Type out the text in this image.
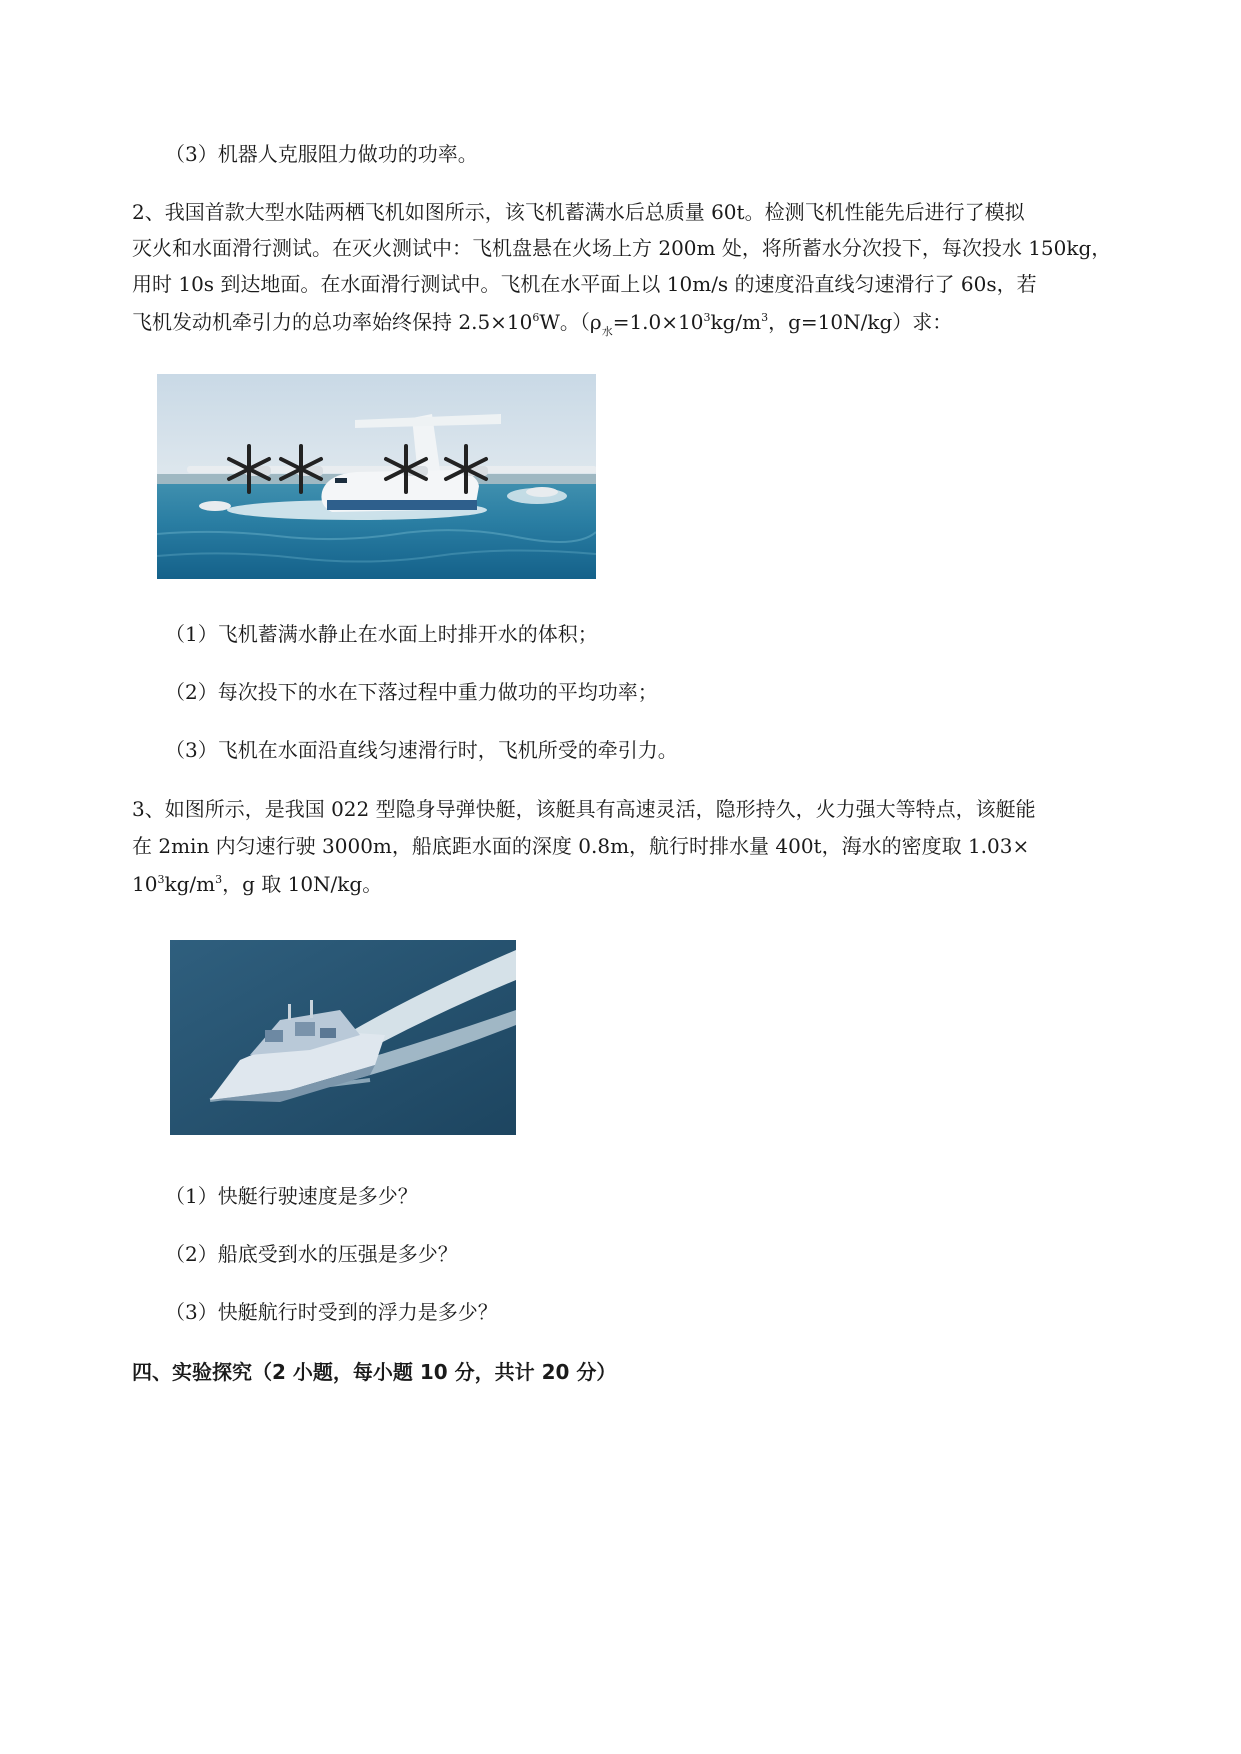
（3）机器人克服阻力做功的功率。
2、我国首款大型水陆两栖飞机如图所示，该飞机蓄满水后总质量 60t。检测飞机性能先后进行了模拟
灭火和水面滑行测试。在灭火测试中：飞机盘悬在火场上方 200m 处，将所蓄水分次投下，每次投水 150kg，
用时 10s 到达地面。在水面滑行测试中。飞机在水平面上以 10m/s 的速度沿直线匀速滑行了 60s，若
飞机发动机牵引力的总功率始终保持 $2.5\times 10^6W$。（$\rho_水=1.0\times 10^3kg/m^3$，g=10N/kg）求：
（1）飞机蓄满水静止在水面上时排开水的体积；
（2）每次投下的水在下落过程中重力做功的平均功率；
（3）飞机在水面沿直线匀速滑行时，飞机所受的牵引力。
3、如图所示，是我国 022 型隐身导弹快艇，该艇具有高速灵活，隐形持久，火力强大等特点，该艇能
在 2min 内匀速行驶 3000m，船底距水面的深度 0.8m，航行时排水量 400t，海水的密度取 1.03×
$10^3kg/m^3$，g 取 10N/kg。
（1）快艇行驶速度是多少？
（2）船底受到水的压强是多少？
（3）快艇航行时受到的浮力是多少？
四、实验探究（2 小题，每小题 10 分，共计 20 分）
